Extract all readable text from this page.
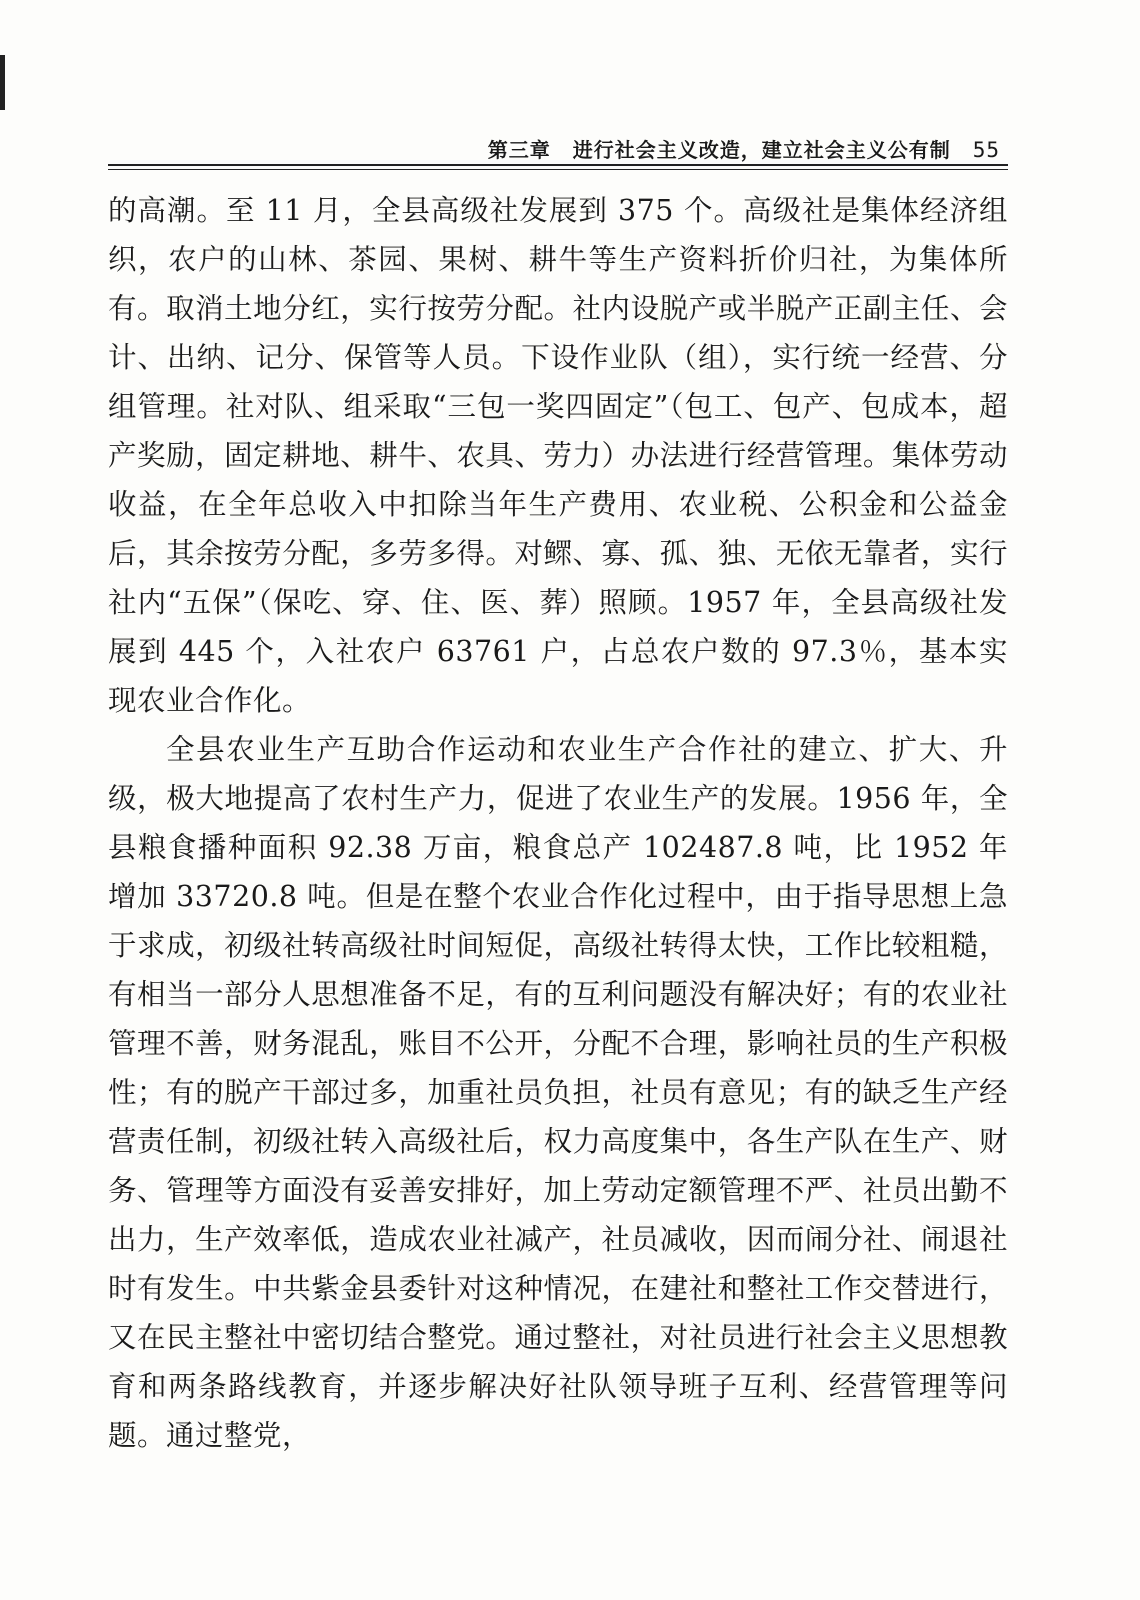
第三章 进行社会主义改造，建立社会主义公有制 55

的高潮。至 11 月，全县高级社发展到 375 个。高级社是集体经济组织，农户的山林、茶园、果树、耕牛等生产资料折价归社，为集体所有。取消土地分红，实行按劳分配。社内设脱产或半脱产正副主任、会计、出纳、记分、保管等人员。下设作业队（组），实行统一经营、分组管理。社对队、组采取“三包一奖四固定”（包工、包产、包成本，超产奖励，固定耕地、耕牛、农具、劳力）办法进行经营管理。集体劳动收益，在全年总收入中扣除当年生产费用、农业税、公积金和公益金后，其余按劳分配，多劳多得。对鳏、寡、孤、独、无依无靠者，实行社内“五保”（保吃、穿、住、医、葬）照顾。1957 年，全县高级社发展到 445 个，入社农户 63761 户，占总农户数的 97.3％，基本实现农业合作化。

全县农业生产互助合作运动和农业生产合作社的建立、扩大、升级，极大地提高了农村生产力，促进了农业生产的发展。1956 年，全县粮食播种面积 92.38 万亩，粮食总产 102487.8 吨，比 1952 年增加 33720.8 吨。但是在整个农业合作化过程中，由于指导思想上急于求成，初级社转高级社时间短促，高级社转得太快，工作比较粗糙，有相当一部分人思想准备不足，有的互利问题没有解决好；有的农业社管理不善，财务混乱，账目不公开，分配不合理，影响社员的生产积极性；有的脱产干部过多，加重社员负担，社员有意见；有的缺乏生产经营责任制，初级社转入高级社后，权力高度集中，各生产队在生产、财务、管理等方面没有妥善安排好，加上劳动定额管理不严、社员出勤不出力，生产效率低，造成农业社减产，社员减收，因而闹分社、闹退社时有发生。中共紫金县委针对这种情况，在建社和整社工作交替进行，又在民主整社中密切结合整党。通过整社，对社员进行社会主义思想教育和两条路线教育，并逐步解决好社队领导班子互利、经营管理等问题。通过整党，
